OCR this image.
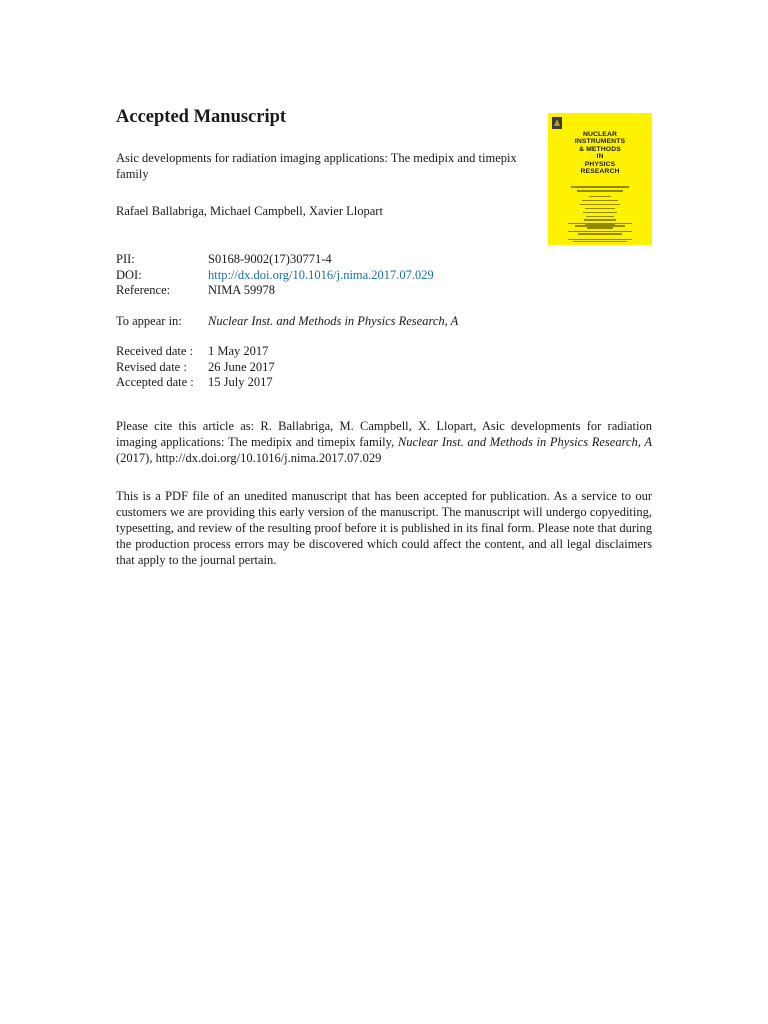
Accepted Manuscript

Asic developments for radiation imaging applications: The medipix and timepix family

Rafael Ballabriga, Michael Campbell, Xavier Llopart
PII:	S0168-9002(17)30771-4
DOI:	http://dx.doi.org/10.1016/j.nima.2017.07.029
Reference:	NIMA 59978
To appear in:	Nuclear Inst. and Methods in Physics Research, A
Received date :	1 May 2017
Revised date :	26 June 2017
Accepted date :	15 July 2017

Please cite this article as: R. Ballabriga, M. Campbell, X. Llopart, Asic developments for radiation imaging applications: The medipix and timepix family, Nuclear Inst. and Methods in Physics Research, A (2017), http://dx.doi.org/10.1016/j.nima.2017.07.029

This is a PDF file of an unedited manuscript that has been accepted for publication. As a service to our customers we are providing this early version of the manuscript. The manuscript will undergo copyediting, typesetting, and review of the resulting proof before it is published in its final form. Please note that during the production process errors may be discovered which could affect the content, and all legal disclaimers that apply to the journal pertain.

NUCLEAR
INSTRUMENTS
& METHODS
IN
PHYSICS
RESEARCH
